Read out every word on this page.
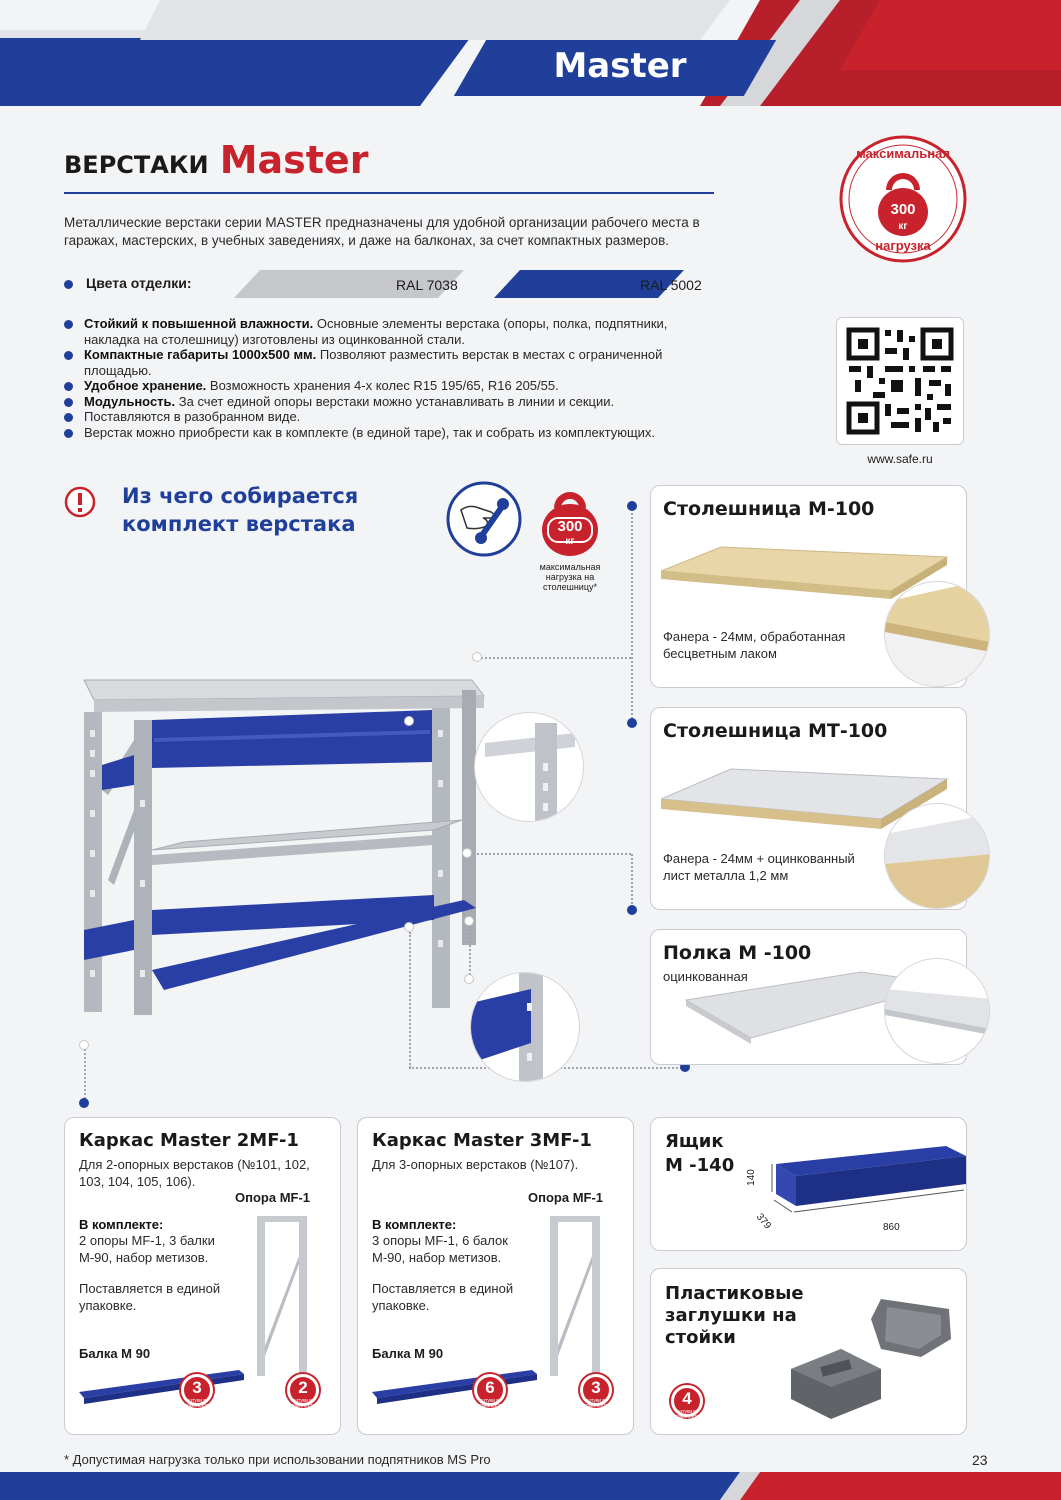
Master
ВЕРСТАКИ Master	максимальная
300
кг
нагрузка

Металлические верстаки серии MASTER предназначены для удобной организации рабочего места в гаражах, мастерских, в учебных заведениях, и даже на балконах, за счет компактных размеров.

Цвета отделки:	RAL 7038	RAL 5002
Стойкий к повышенной влажности. Основные элементы верстака (опоры, полка, подпятники, накладка на столешницу) изготовлены из оцинкованной стали.
Компактные габариты 1000х500 мм. Позволяют разместить верстак в местах с ограниченной площадью.
Удобное хранение. Возможность хранения 4-х колес R15 195/65, R16 205/55.
Модульность. За счет единой опоры верстаки можно устанавливать в линии и секции.
Поставляются в разобранном виде.
Верстак можно приобрести как в комплекте (в единой таре), так и собрать из комплектующих.
www.safe.ru
Из чего собирается
комплект верстака	300
кг
максимальная нагрузка на столешницу*
Столешница М-100
Фанера - 24мм, обработанная бесцветным лаком
Столешница МТ-100
Фанера - 24мм + оцинкованный лист металла 1,2 мм
Полка М -100
оцинкованная
Каркас Master 2MF-1
Для 2-опорных верстаков (№101, 102, 103, 104, 105, 106).
Опора MF-1
В комплекте:
2 опоры MF-1, 3 балки М-90, набор метизов.
Поставляется в единой упаковке.
Балка М 90
3
штуки в комплекте
2
штуки в комплекте
Каркас Master 3MF-1
Для 3-опорных верстаков (№107).
Опора MF-1
В комплекте:
3 опоры MF-1, 6 балок М-90, набор метизов.
Поставляется в единой упаковке.
Балка М 90
6
штуки в комплекте
3
штуки в комплекте
Ящик
М -140
140
379	860
Пластиковые
заглушки на
стойки
4
штуки в комплекте
* Допустимая нагрузка только при использовании подпятников MS Pro	23
